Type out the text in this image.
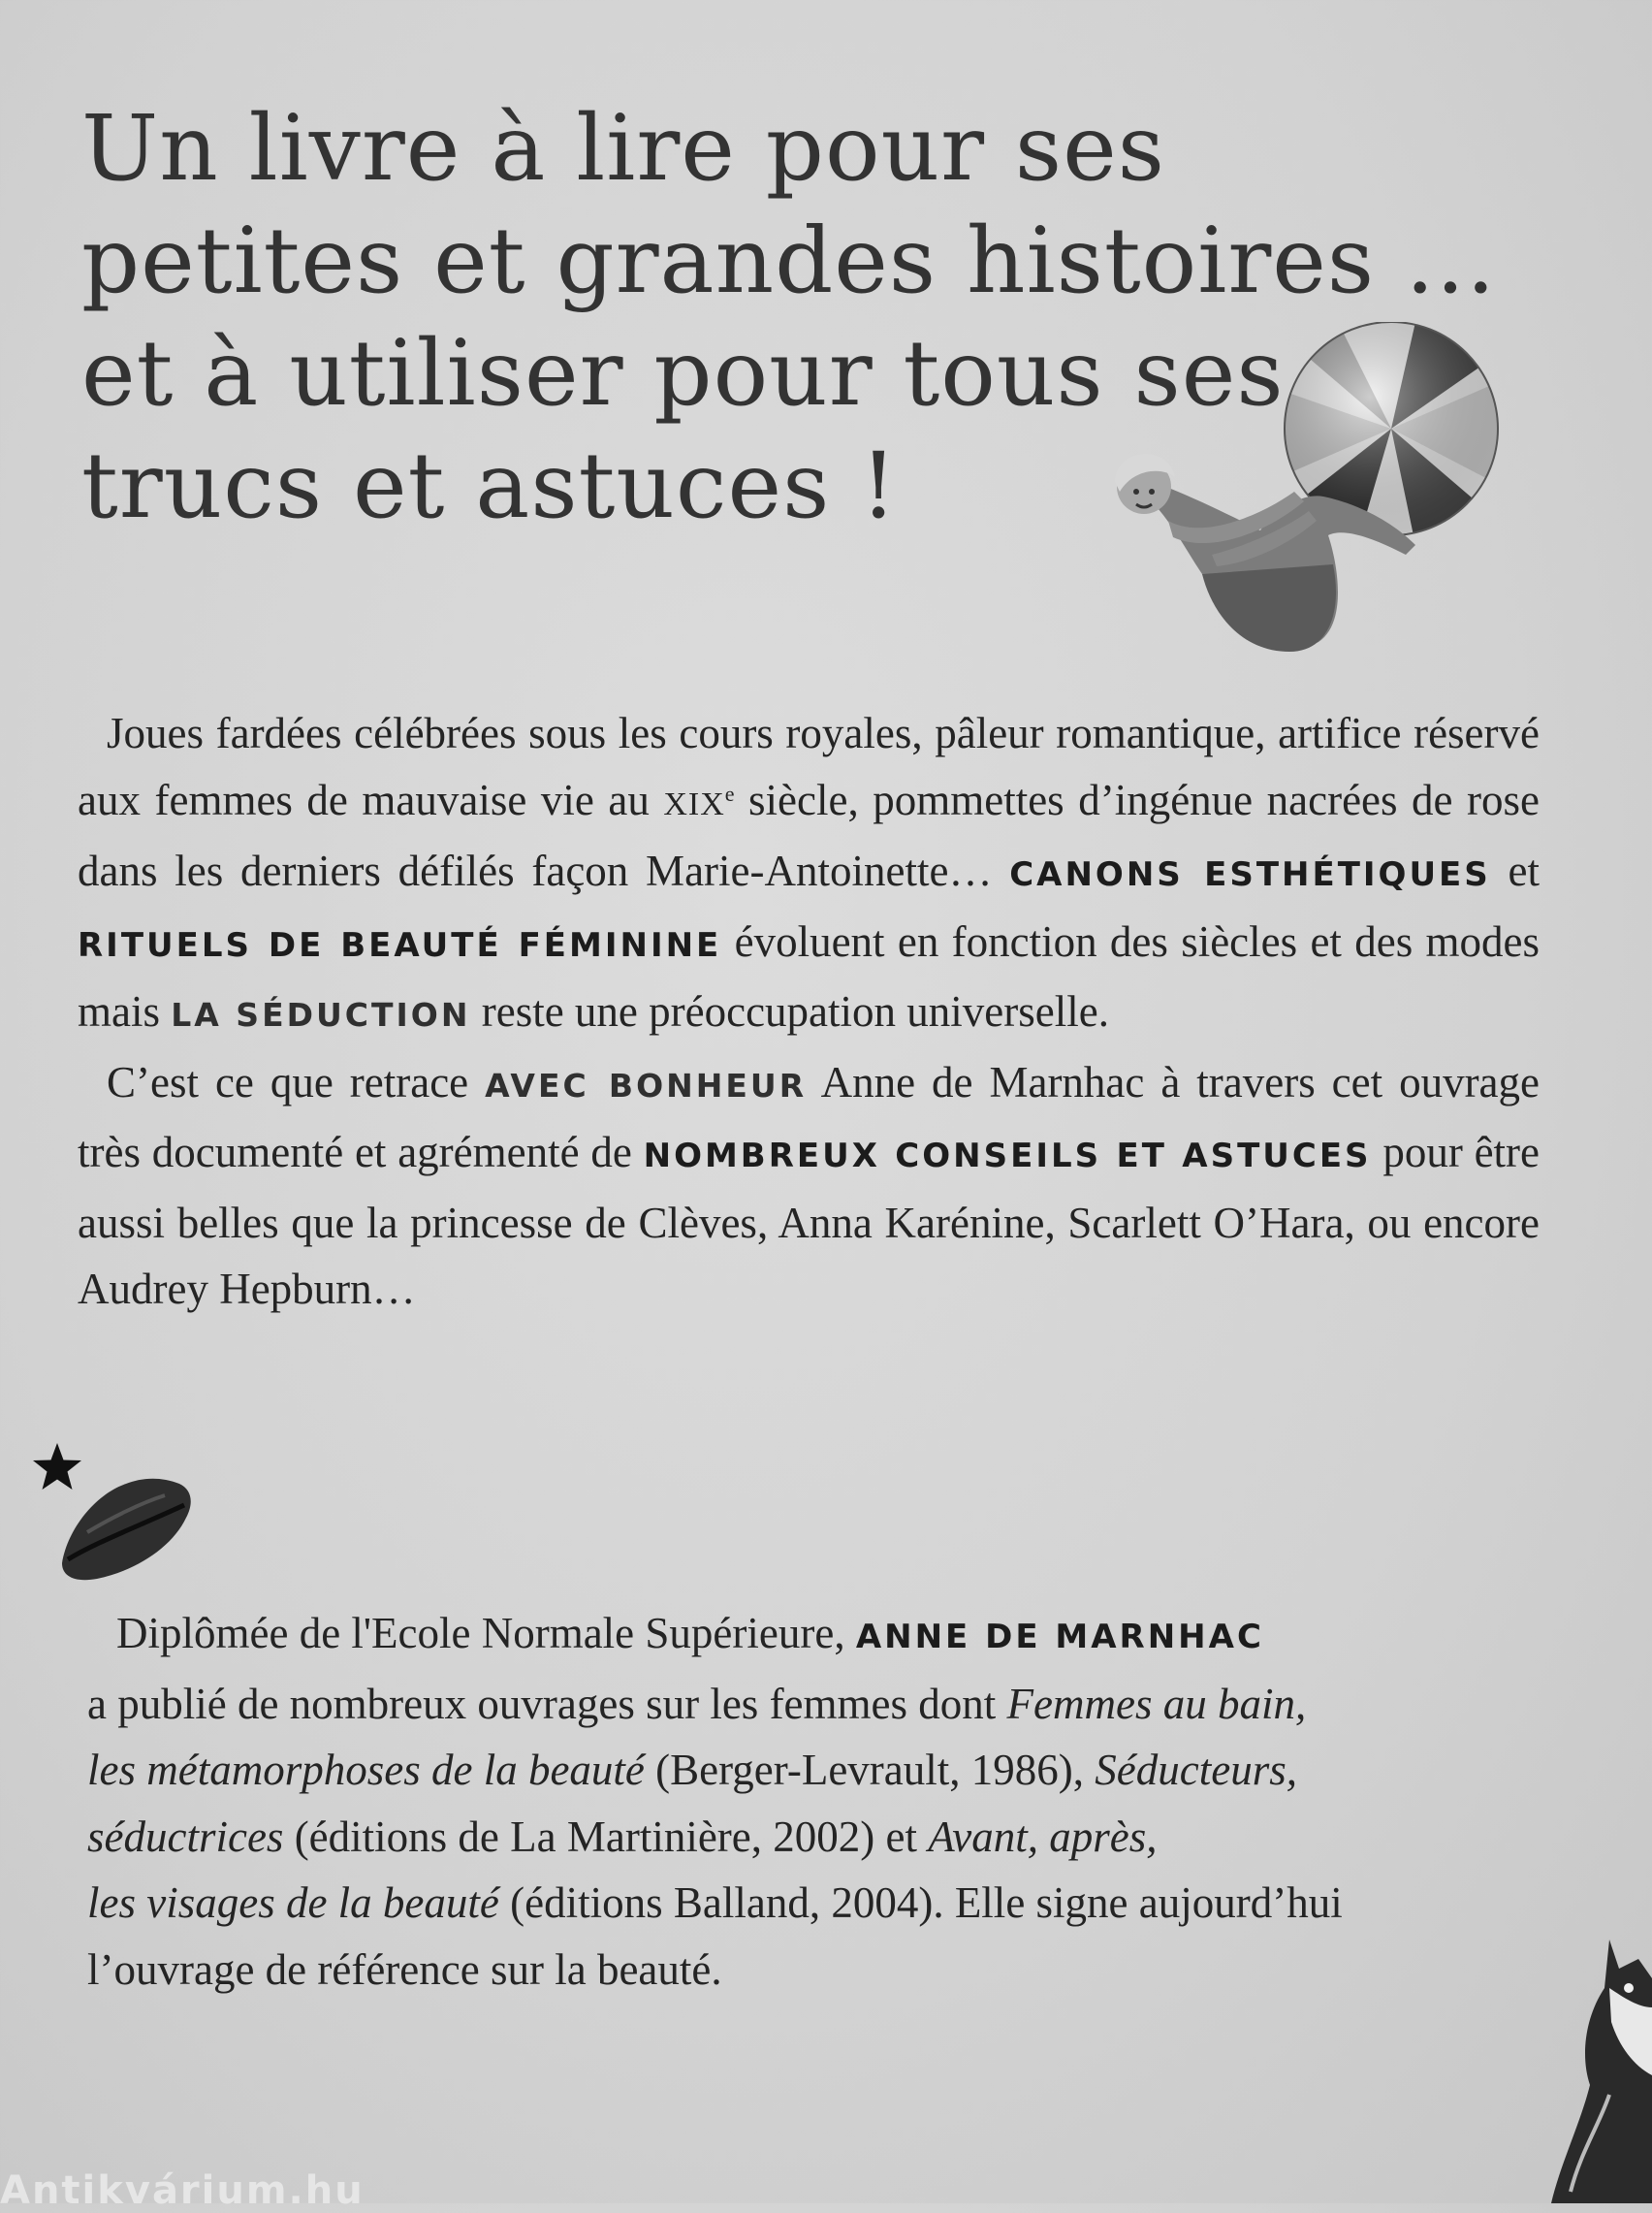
Un livre à lire pour ses
petites et grandes histoires …
et à utiliser pour tous ses
trucs et astuces !

Joues fardées célébrées sous les cours royales, pâleur romantique, artifice réservé aux femmes de mauvaise vie au XIXe siècle, pommettes d’ingénue nacrées de rose dans les derniers défilés façon Marie-Antoinette… CANONS ESTHÉTIQUES et RITUELS DE BEAUTÉ FÉMININE évoluent en fonction des siècles et des modes mais LA SÉDUCTION reste une préoccupation universelle.

C’est ce que retrace AVEC BONHEUR Anne de Marnhac à travers cet ouvrage très documenté et agrémenté de NOMBREUX CONSEILS ET ASTUCES pour être aussi belles que la princesse de Clèves, Anna Karénine, Scarlett O’Hara, ou encore Audrey Hepburn…

Diplômée de l'Ecole Normale Supérieure, ANNE DE MARNHAC
a publié de nombreux ouvrages sur les femmes dont Femmes au bain,
les métamorphoses de la beauté (Berger-Levrault, 1986), Séducteurs,
séductrices (éditions de La Martinière, 2002) et Avant, après,
les visages de la beauté (éditions Balland, 2004). Elle signe aujourd’hui
l’ouvrage de référence sur la beauté.

Antikvárium.hu
